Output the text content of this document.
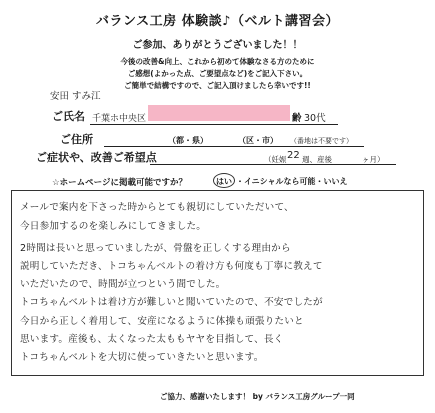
バランス工房 体験談♪（ベルト講習会）
ご参加、ありがとうございました！！
今後の改善&向上、これから初めて体験なさる方のために
ご感想(よかった点、ご要望点など)をご記入下さい。
ご簡単で結構ですので、ご記入頂けましたら幸いです!!
安田 すみ江
ご氏名 千葉ホ中央区	齢 30代
ご住所	（都・県）	（区・市） （番地は不要です）
ご症状や、改善ご希望点	（妊娠 22 週、産後	ヶ月）
☆ホームページに掲載可能ですか？	はい ・イニシャルなら可能・いいえ
メールで案内を下さった時からとても親切にしていただいて、
今日参加するのを楽しみにしてきました。
2時間は長いと思っていましたが、骨盤を正しくする理由から
説明していただき、トコちゃんベルトの着け方も何度も丁寧に教えて
いただいたので、時間が立つという間でした。
トコちゃんベルトは着け方が難しいと聞いていたので、不安でしたが
今日から正しく着用して、安産になるように体操も頑張りたいと
思います。産後も、太くなった太ももヤヤを目指して、長く
トコちゃんベルトを大切に使っていきたいと思います。
ご協力、感謝いたします！ by バランス工房グループ一同
